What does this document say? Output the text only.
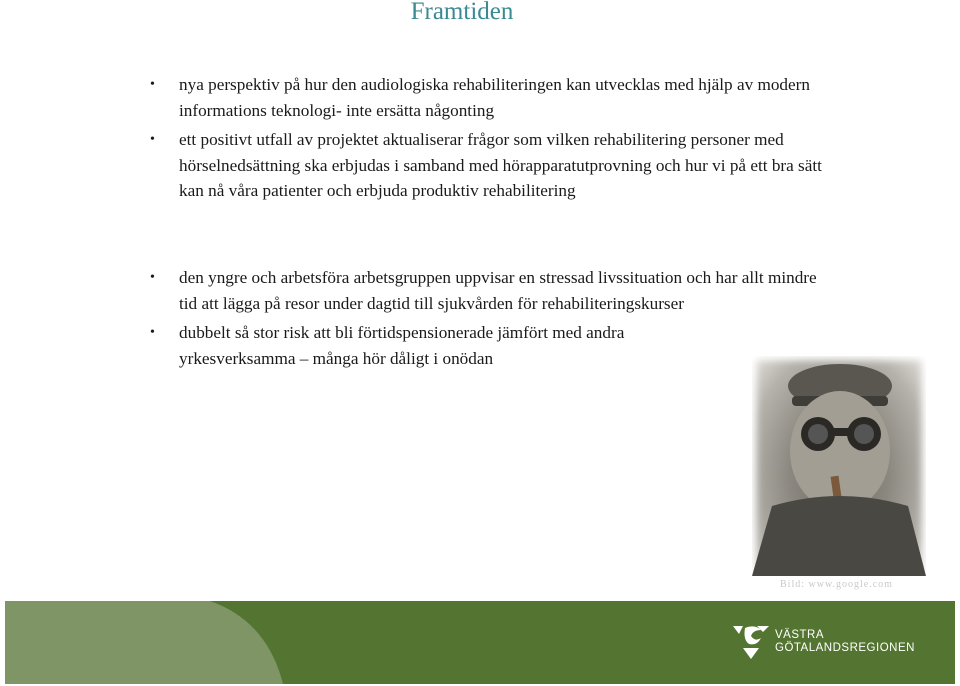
Framtiden
• nya perspektiv på hur den audiologiska rehabiliteringen kan utvecklas med hjälp av modern informations teknologi- inte ersätta någonting
• ett positivt utfall av projektet aktualiserar frågor som vilken rehabilitering personer med hörselnedsättning ska erbjudas i samband med hörapparatutprovning och hur vi på ett bra sätt kan nå våra patienter och erbjuda produktiv rehabilitering
• den yngre och arbetsföra arbetsgruppen uppvisar en stressad livssituation och har allt mindre tid att lägga på resor under dagtid till sjukvården för rehabiliteringskurser
• dubbelt så stor risk att bli förtidspensionerade jämfört med andra yrkesverksamma – många hör dåligt i onödan
Bild: www.google.com
VÄSTRA
GÖTALANDSREGIONEN
